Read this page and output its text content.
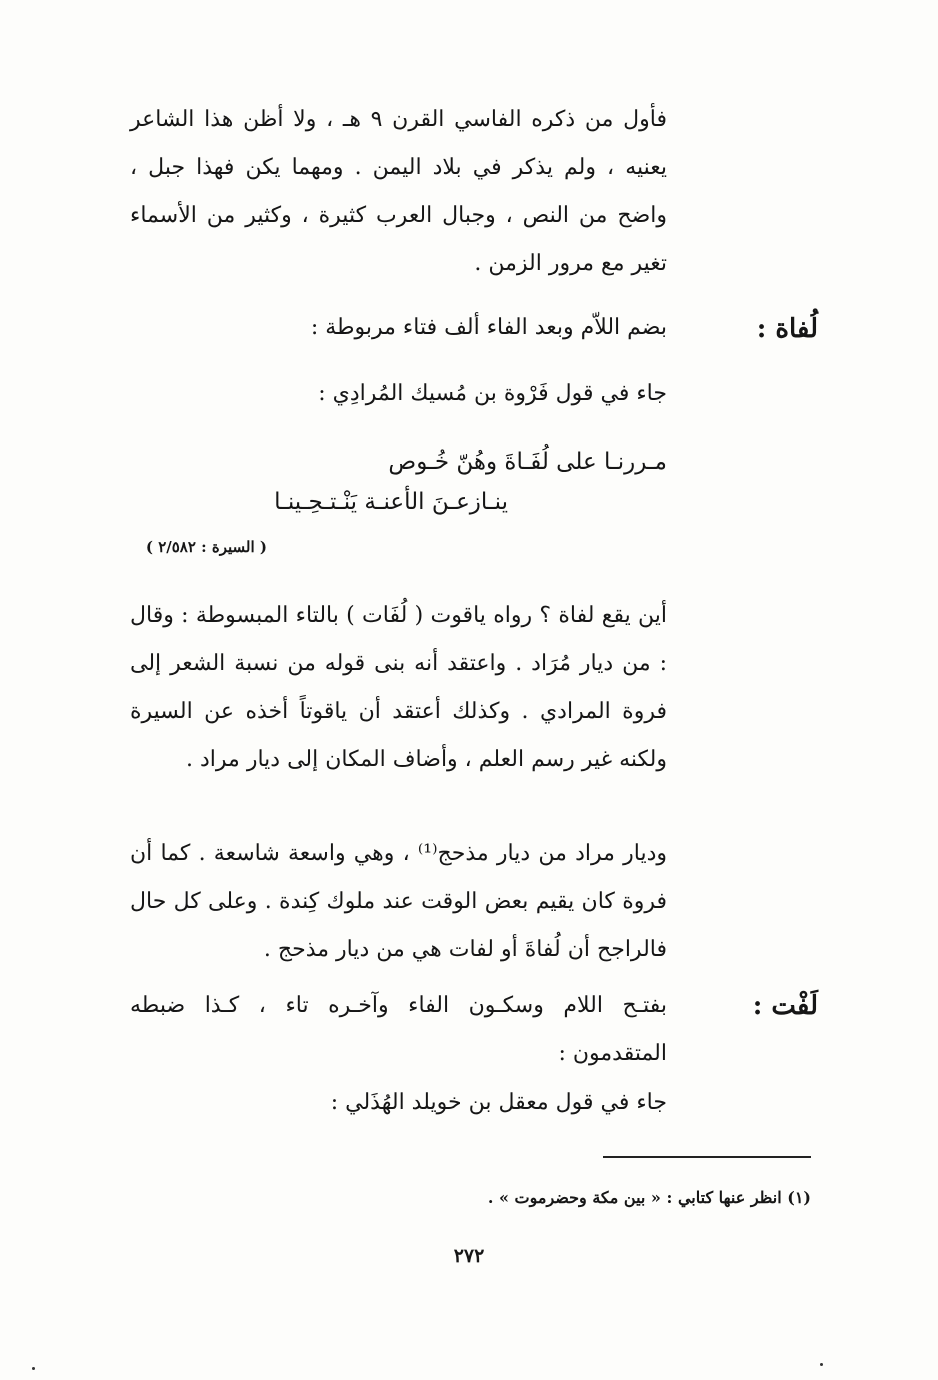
فأول من ذكره الفاسي القرن ٩ هـ ، ولا أظن هذا الشاعر يعنيه ، ولم يذكر في بلاد اليمن . ومهما يكن فهذا جبل ، واضح من النص ، وجبال العرب كثيرة ، وكثير من الأسماء تغير مع مرور الزمن .

لُفاة :

بضم اللاّم وبعد الفاء ألف فتاء مربوطة :

جاء في قول فَرْوة بن مُسيك المُرادِي :

مـررنـا على لُفَـاةَ وهُنّ خُـوص

ينـازعـنَ الأعنـة يَنْـتـحِـينـا

( السيرة : ٢/٥٨٢ )

أين يقع لفاة ؟ رواه ياقوت ( لُفَات ) بالتاء المبسوطة : وقال : من ديار مُرَاد . واعتقد أنه بنى قوله من نسبة الشعر إلى فروة المرادي . وكذلك أعتقد أن ياقوتاً أخذه عن السيرة ولكنه غير رسم العلم ، وأضاف المكان إلى ديار مراد .

وديار مراد من ديار مذحج⁽¹⁾ ، وهي واسعة شاسعة . كما أن فروة كان يقيم بعض الوقت عند ملوك كِندة . وعلى كل حال فالراجح أن لُفاةَ أو لفات هي من ديار مذحج .

لَفْت :

بفتـح اللام وسكـون الفاء وآخـره تاء ، كـذا ضبطه المتقدمون :

جاء في قول معقل بن خويلد الهُذَلي :

(١) انظر عنها كتابي : « بين مكة وحضرموت » .

٢٧٢
